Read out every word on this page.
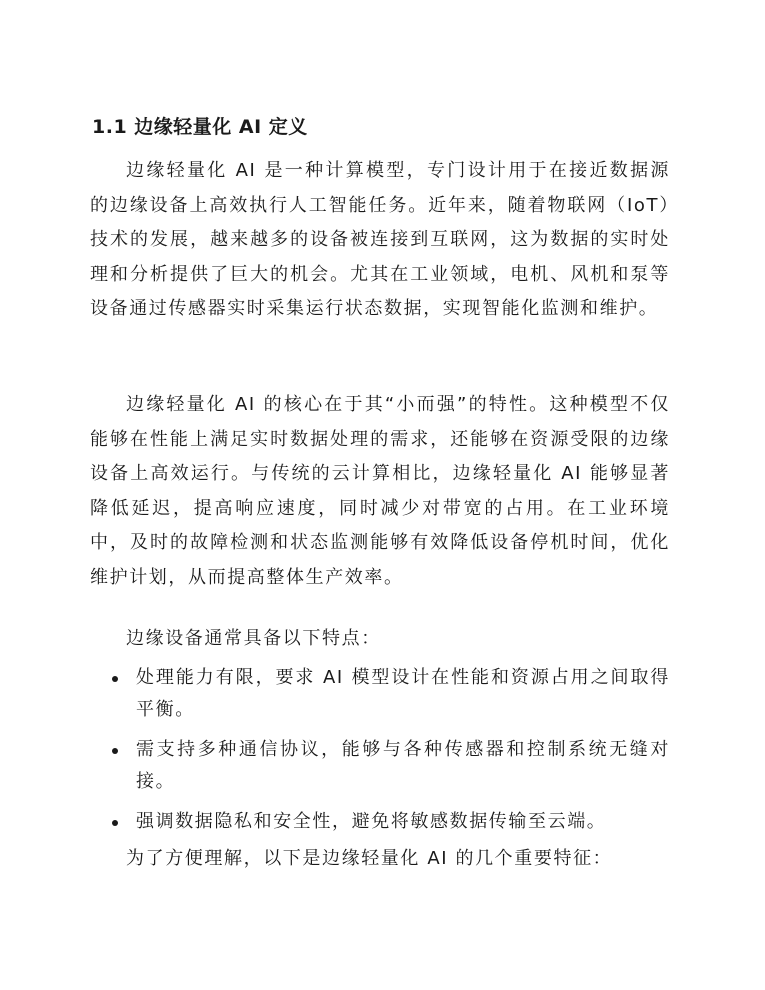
1.1 边缘轻量化 AI 定义

边缘轻量化 AI 是一种计算模型，专门设计用于在接近数据源的边缘设备上高效执行人工智能任务。近年来，随着物联网（IoT）技术的发展，越来越多的设备被连接到互联网，这为数据的实时处理和分析提供了巨大的机会。尤其在工业领域，电机、风机和泵等设备通过传感器实时采集运行状态数据，实现智能化监测和维护。

边缘轻量化 AI 的核心在于其“小而强”的特性。这种模型不仅能够在性能上满足实时数据处理的需求，还能够在资源受限的边缘设备上高效运行。与传统的云计算相比，边缘轻量化 AI 能够显著降低延迟，提高响应速度，同时减少对带宽的占用。在工业环境中，及时的故障检测和状态监测能够有效降低设备停机时间，优化维护计划，从而提高整体生产效率。

边缘设备通常具备以下特点：

处理能力有限，要求 AI 模型设计在性能和资源占用之间取得平衡。
需支持多种通信协议，能够与各种传感器和控制系统无缝对接。
强调数据隐私和安全性，避免将敏感数据传输至云端。

为了方便理解，以下是边缘轻量化 AI 的几个重要特征：
